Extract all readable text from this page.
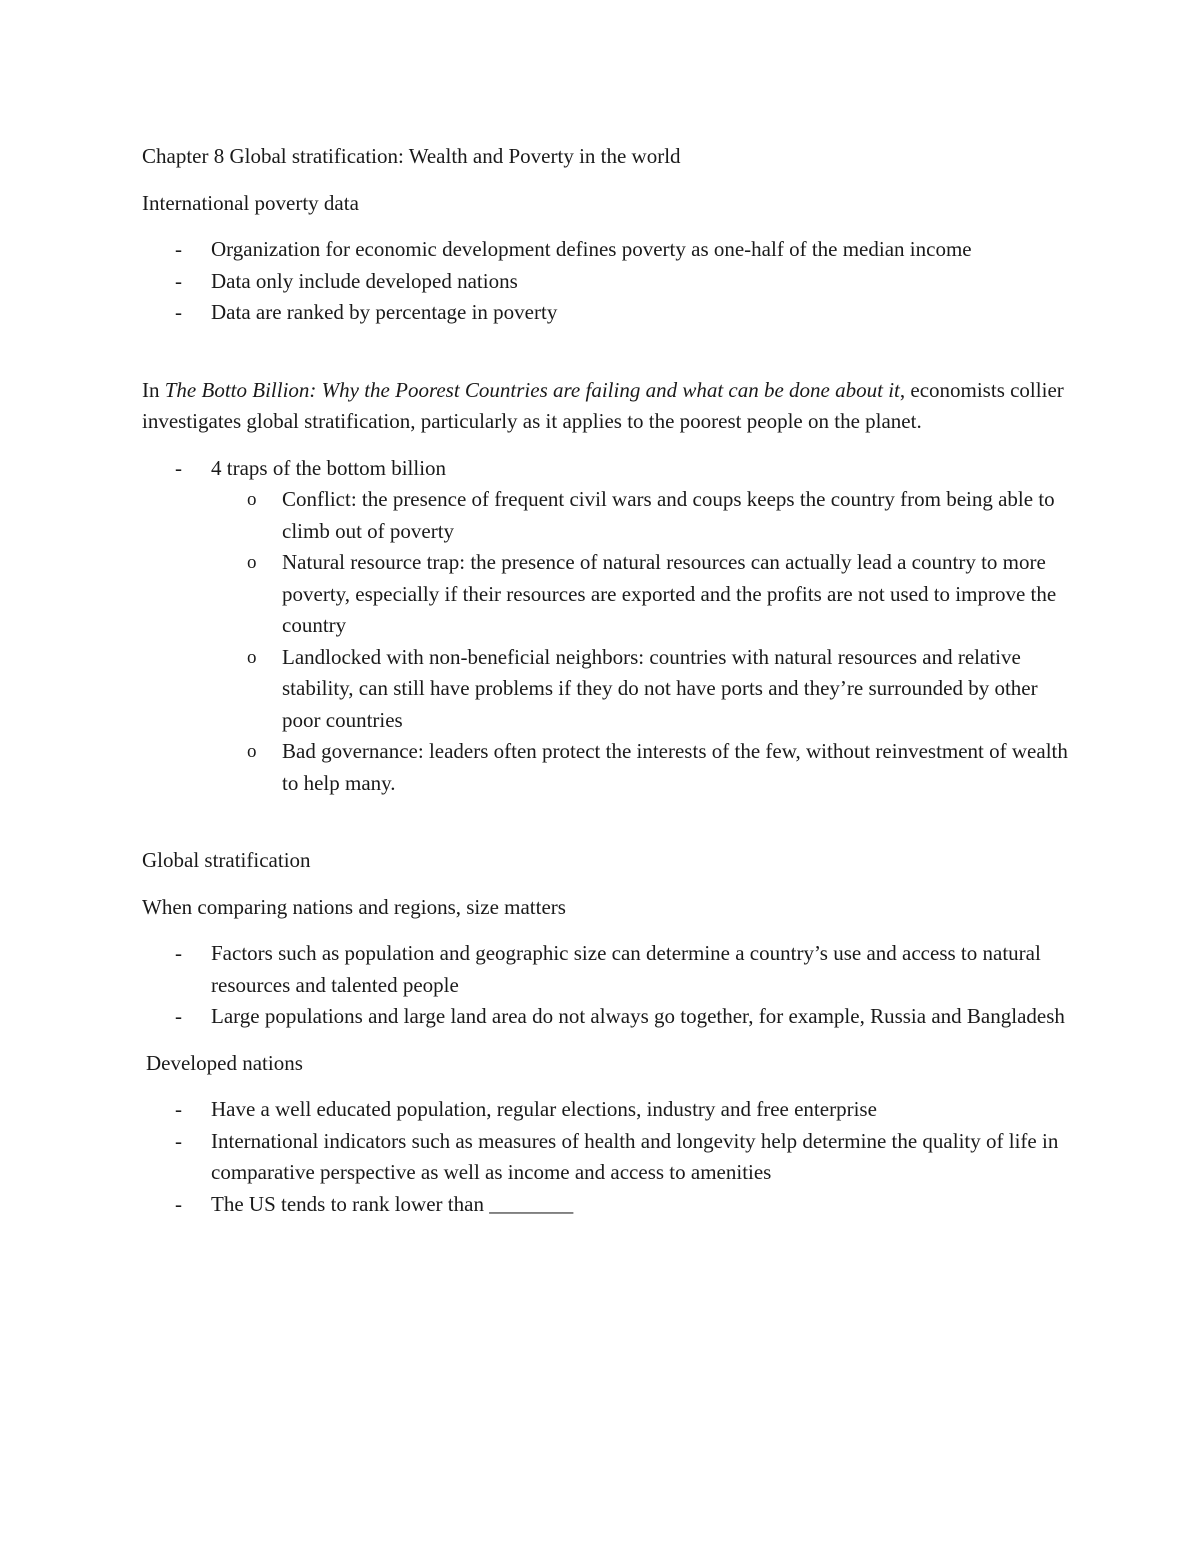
Chapter 8 Global stratification: Wealth and Poverty in the world

International poverty data

- Organization for economic development defines poverty as one-half of the median income
- Data only include developed nations
- Data are ranked by percentage in poverty

In The Botto Billion: Why the Poorest Countries are failing and what can be done about it, economists collier investigates global stratification, particularly as it applies to the poorest people on the planet.

- 4 traps of the bottom billion
o Conflict: the presence of frequent civil wars and coups keeps the country from being able to climb out of poverty
o Natural resource trap: the presence of natural resources can actually lead a country to more poverty, especially if their resources are exported and the profits are not used to improve the country
o Landlocked with non-beneficial neighbors: countries with natural resources and relative stability, can still have problems if they do not have ports and they’re surrounded by other poor countries
o Bad governance: leaders often protect the interests of the few, without reinvestment of wealth to help many.

Global stratification

When comparing nations and regions, size matters

- Factors such as population and geographic size can determine a country’s use and access to natural resources and talented people
- Large populations and large land area do not always go together, for example, Russia and Bangladesh

Developed nations

- Have a well educated population, regular elections, industry and free enterprise
- International indicators such as measures of health and longevity help determine the quality of life in comparative perspective as well as income and access to amenities
- The US tends to rank lower than ________
